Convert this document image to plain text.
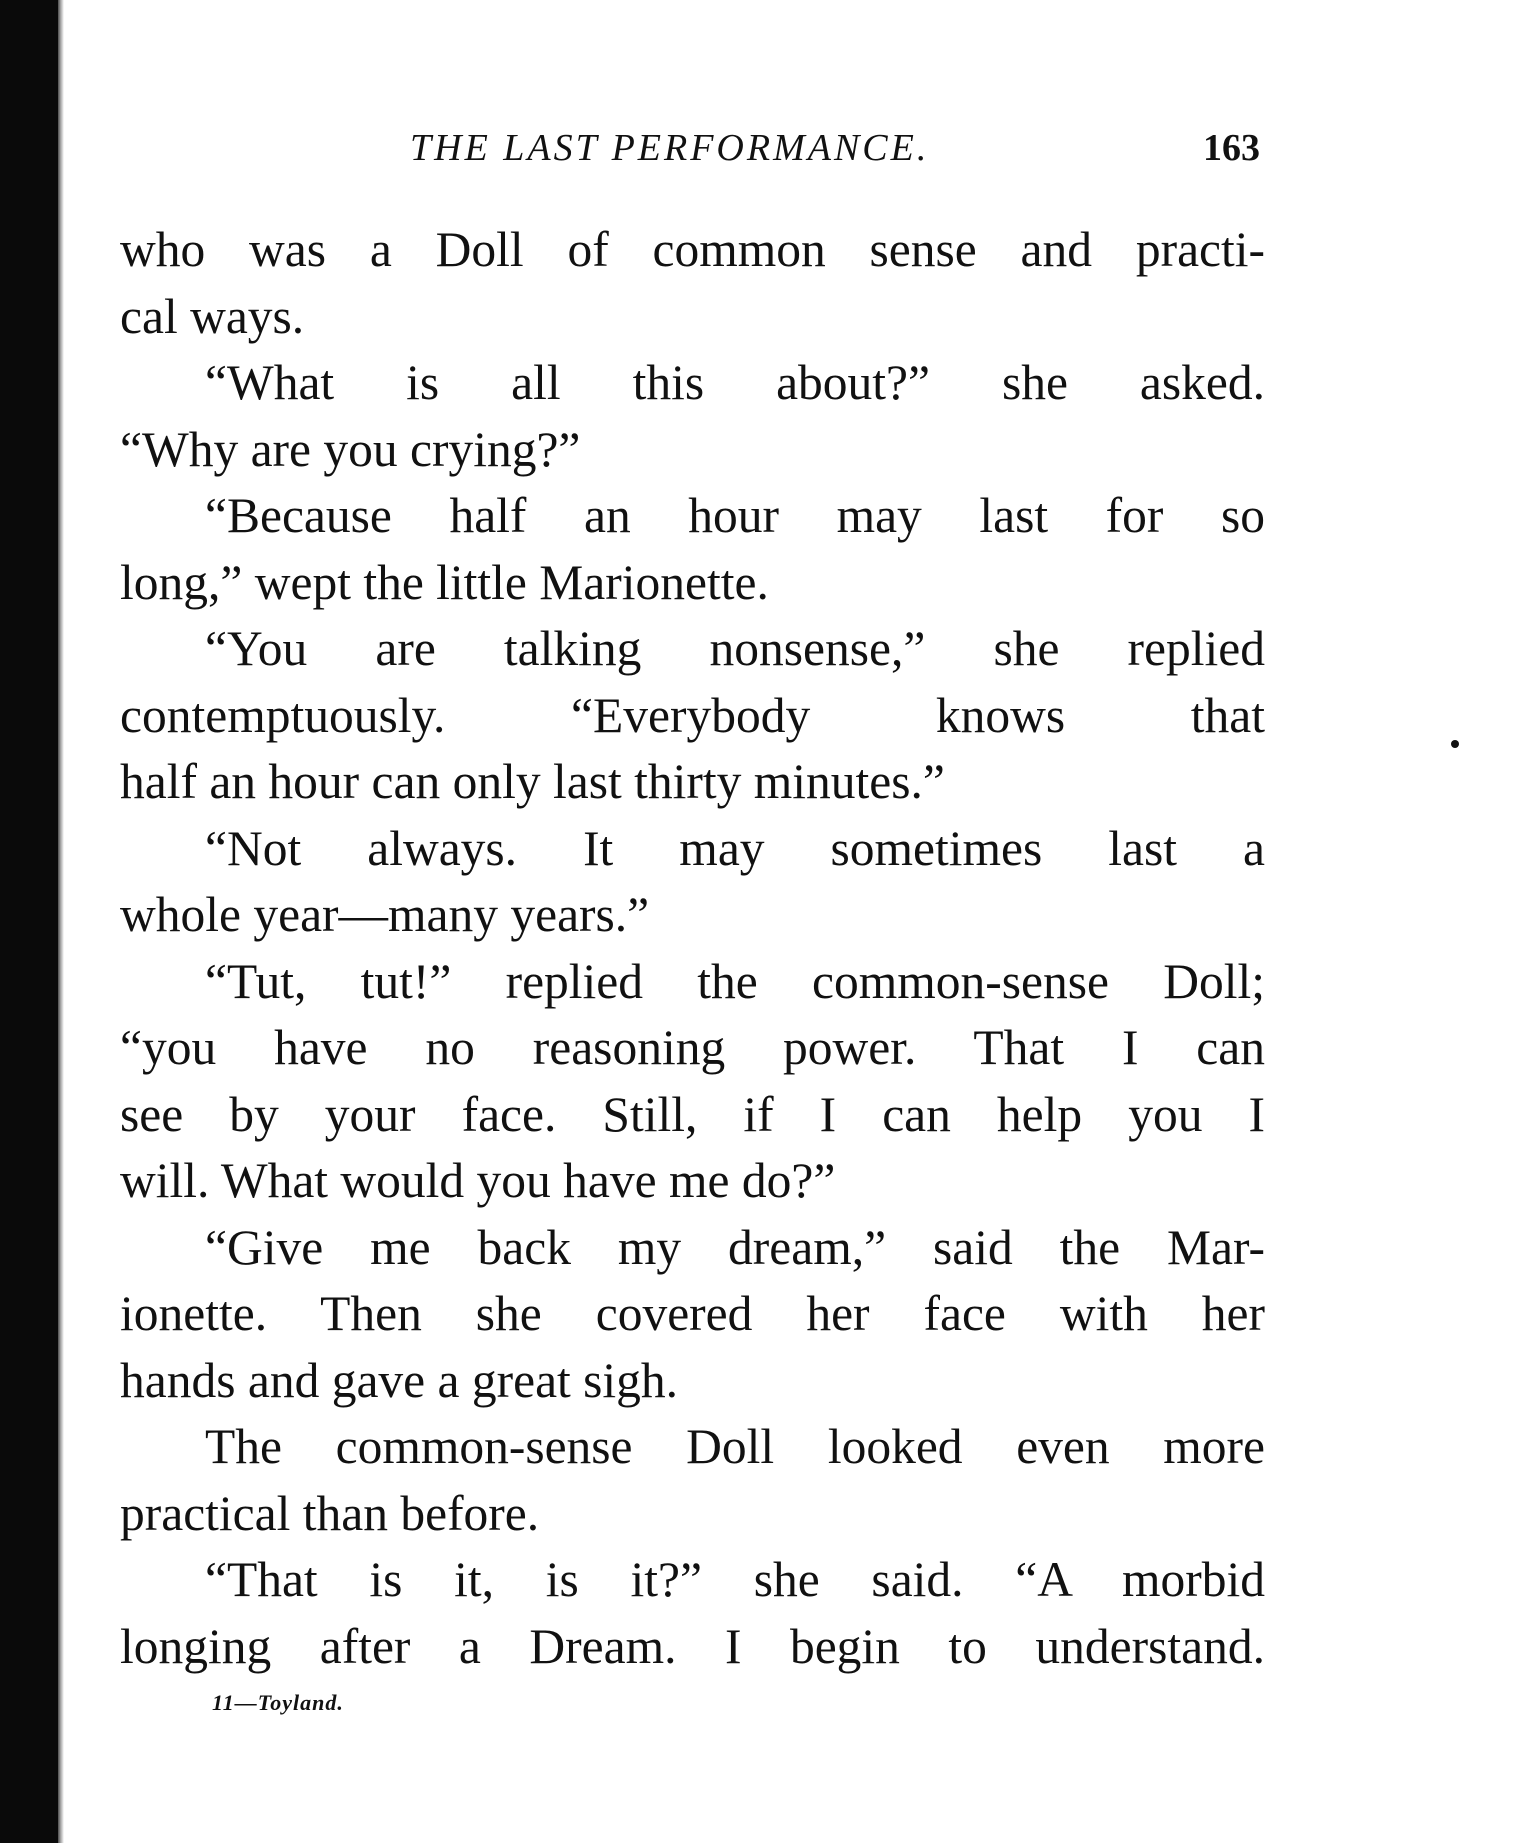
THE LAST PERFORMANCE.	163
who was a Doll of common sense and practi-
cal ways.
“What is all this about?” she asked.
“Why are you crying?”
“Because half an hour may last for so
long,” wept the little Marionette.
“You are talking nonsense,” she replied
contemptuously. “Everybody knows that
half an hour can only last thirty minutes.”
“Not always. It may sometimes last a
whole year—many years.”
“Tut, tut!” replied the common-sense Doll;
“you have no reasoning power. That I can
see by your face. Still, if I can help you I
will. What would you have me do?”
“Give me back my dream,” said the Mar-
ionette. Then she covered her face with her
hands and gave a great sigh.
The common-sense Doll looked even more
practical than before.
“That is it, is it?” she said. “A morbid
longing after a Dream. I begin to understand.
11—Toyland.
